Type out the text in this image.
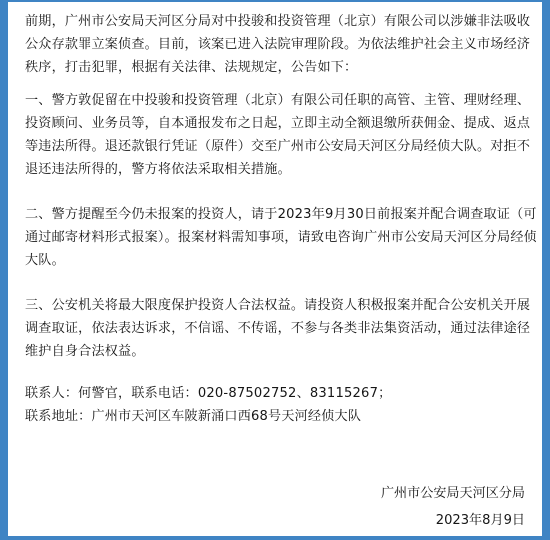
前期，广州市公安局天河区分局对中投骏和投资管理（北京）有限公司以涉嫌非法吸收公众存款罪立案侦查。目前，该案已进入法院审理阶段。为依法维护社会主义市场经济秩序，打击犯罪，根据有关法律、法规规定，公告如下：

一、警方敦促留在中投骏和投资管理（北京）有限公司任职的高管、主管、理财经理、投资顾问、业务员等，自本通报发布之日起，立即主动全额退缴所获佣金、提成、返点等违法所得。退还款银行凭证（原件）交至广州市公安局天河区分局经侦大队。对拒不退还违法所得的，警方将依法采取相关措施。

二、警方提醒至今仍未报案的投资人，请于2023年9月30日前报案并配合调查取证（可通过邮寄材料形式报案）。报案材料需知事项，请致电咨询广州市公安局天河区分局经侦大队。

三、公安机关将最大限度保护投资人合法权益。请投资人积极报案并配合公安机关开展调查取证，依法表达诉求，不信谣、不传谣，不参与各类非法集资活动，通过法律途径维护自身合法权益。

联系人：何警官，联系电话：020-87502752、83115267；

联系地址：广州市天河区车陂新涌口西68号天河经侦大队

广州市公安局天河区分局
2023年8月9日
